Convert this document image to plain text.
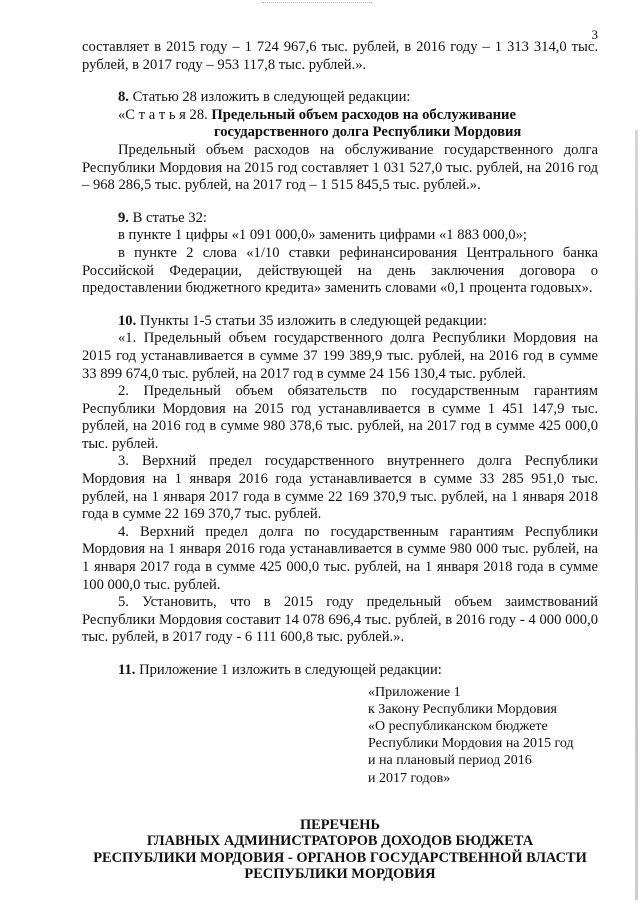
3

составляет в 2015 году – 1 724 967,6 тыс. рублей, в 2016 году – 1 313 314,0 тыс. рублей, в 2017 году – 953 117,8 тыс. рублей.».

8. Статью 28 изложить в следующей редакции:

«С т а т ь я 28. Предельный объем расходов на обслуживание

государственного долга Республики Мордовия

Предельный объем расходов на обслуживание государственного долга Республики Мордовия на 2015 год составляет 1 031 527,0 тыс. рублей, на 2016 год – 968 286,5 тыс. рублей, на 2017 год – 1 515 845,5 тыс. рублей.».

9. В статье 32:

в пункте 1 цифры «1 091 000,0» заменить цифрами «1 883 000,0»;

в пункте 2 слова «1/10 ставки рефинансирования Центрального банка Российской Федерации, действующей на день заключения договора о предоставлении бюджетного кредита» заменить словами «0,1 процента годовых».

10. Пункты 1-5 статьи 35 изложить в следующей редакции:

«1. Предельный объем государственного долга Республики Мордовия на 2015 год устанавливается в сумме 37 199 389,9 тыс. рублей, на 2016 год в сумме 33 899 674,0 тыс. рублей, на 2017 год в сумме 24 156 130,4 тыс. рублей.

2. Предельный объем обязательств по государственным гарантиям Республики Мордовия на 2015 год устанавливается в сумме 1 451 147,9 тыс. рублей, на 2016 год в сумме 980 378,6 тыс. рублей, на 2017 год в сумме 425 000,0 тыс. рублей.

3. Верхний предел государственного внутреннего долга Республики Мордовия на 1 января 2016 года устанавливается в сумме 33 285 951,0 тыс. рублей, на 1 января 2017 года в сумме 22 169 370,9 тыс. рублей, на 1 января 2018 года в сумме 22 169 370,7 тыс. рублей.

4. Верхний предел долга по государственным гарантиям Республики Мордовия на 1 января 2016 года устанавливается в сумме 980 000 тыс. рублей, на 1 января 2017 года в сумме 425 000,0 тыс. рублей, на 1 января 2018 года в сумме 100 000,0 тыс. рублей.

5. Установить, что в 2015 году предельный объем заимствований Республики Мордовия составит 14 078 696,4 тыс. рублей, в 2016 году - 4 000 000,0 тыс. рублей, в 2017 году - 6 111 600,8 тыс. рублей.».

11. Приложение 1 изложить в следующей редакции:

«Приложение 1
к Закону Республики Мордовия
«О республиканском бюджете
Республики Мордовия на 2015 год
и на плановый период 2016
и 2017 годов»
ПЕРЕЧЕНЬ
ГЛАВНЫХ АДМИНИСТРАТОРОВ ДОХОДОВ БЮДЖЕТА
РЕСПУБЛИКИ МОРДОВИЯ - ОРГАНОВ ГОСУДАРСТВЕННОЙ ВЛАСТИ
РЕСПУБЛИКИ МОРДОВИЯ
